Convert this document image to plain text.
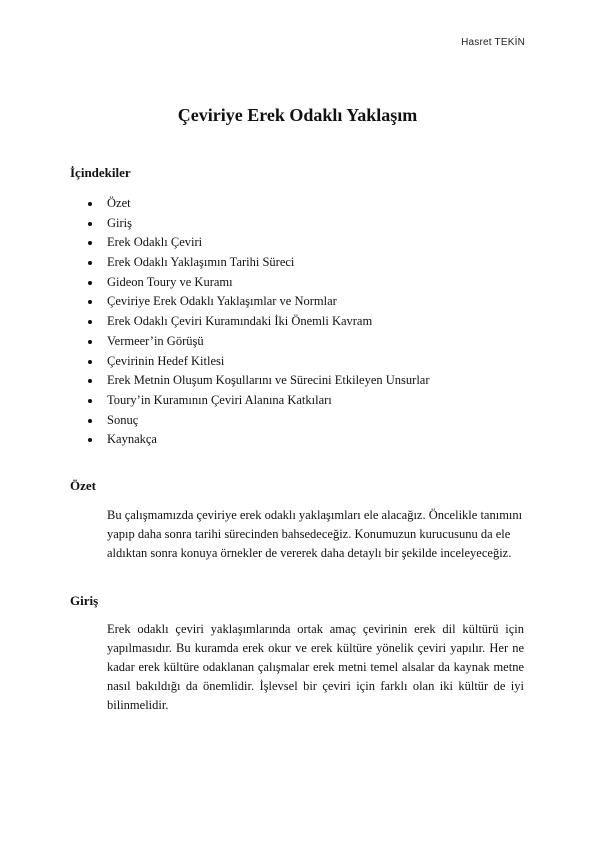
Hasret TEKİN
Çeviriye Erek Odaklı Yaklaşım
İçindekiler
Özet
Giriş
Erek Odaklı Çeviri
Erek Odaklı Yaklaşımın Tarihi Süreci
Gideon Toury ve Kuramı
Çeviriye Erek Odaklı Yaklaşımlar ve Normlar
Erek Odaklı Çeviri Kuramındaki İki Önemli Kavram
Vermeer’in Görüşü
Çevirinin Hedef Kitlesi
Erek Metnin Oluşum Koşullarını ve Sürecini Etkileyen Unsurlar
Toury’in Kuramının Çeviri Alanına Katkıları
Sonuç
Kaynakça
Özet

Bu çalışmamızda çeviriye erek odaklı yaklaşımları ele alacağız. Öncelikle tanımını yapıp daha sonra tarihi sürecinden bahsedeceğiz. Konumuzun kurucusunu da ele aldıktan sonra konuya örnekler de vererek daha detaylı bir şekilde inceleyeceğiz.

Giriş

Erek odaklı çeviri yaklaşımlarında ortak amaç çevirinin erek dil kültürü için yapılmasıdır. Bu kuramda erek okur ve erek kültüre yönelik çeviri yapılır. Her ne kadar erek kültüre odaklanan çalışmalar erek metni temel alsalar da kaynak metne nasıl bakıldığı da önemlidir. İşlevsel bir çeviri için farklı olan iki kültür de iyi bilinmelidir.
